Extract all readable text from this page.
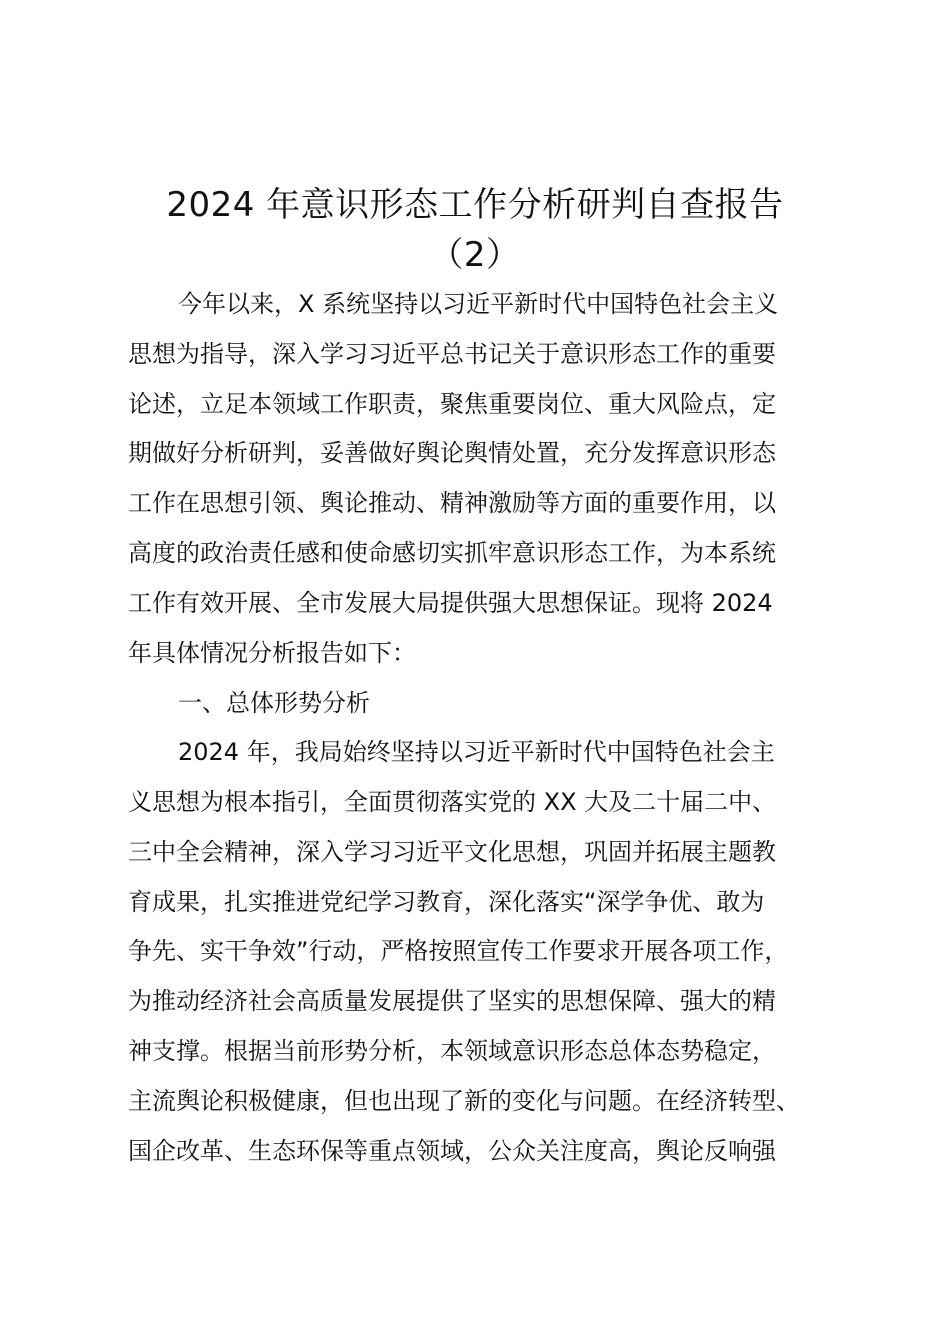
2024 年意识形态工作分析研判自查报告
（2）
今年以来，X 系统坚持以习近平新时代中国特色社会主义
思想为指导，深入学习习近平总书记关于意识形态工作的重要
论述，立足本领域工作职责，聚焦重要岗位、重大风险点，定
期做好分析研判，妥善做好舆论舆情处置，充分发挥意识形态
工作在思想引领、舆论推动、精神激励等方面的重要作用，以
高度的政治责任感和使命感切实抓牢意识形态工作，为本系统
工作有效开展、全市发展大局提供强大思想保证。现将 2024
年具体情况分析报告如下：
一、总体形势分析
2024 年，我局始终坚持以习近平新时代中国特色社会主
义思想为根本指引，全面贯彻落实党的 XX 大及二十届二中、
三中全会精神，深入学习习近平文化思想，巩固并拓展主题教
育成果，扎实推进党纪学习教育，深化落实“深学争优、敢为
争先、实干争效”行动，严格按照宣传工作要求开展各项工作，
为推动经济社会高质量发展提供了坚实的思想保障、强大的精
神支撑。根据当前形势分析，本领域意识形态总体态势稳定，
主流舆论积极健康，但也出现了新的变化与问题。在经济转型、
国企改革、生态环保等重点领域，公众关注度高，舆论反响强
